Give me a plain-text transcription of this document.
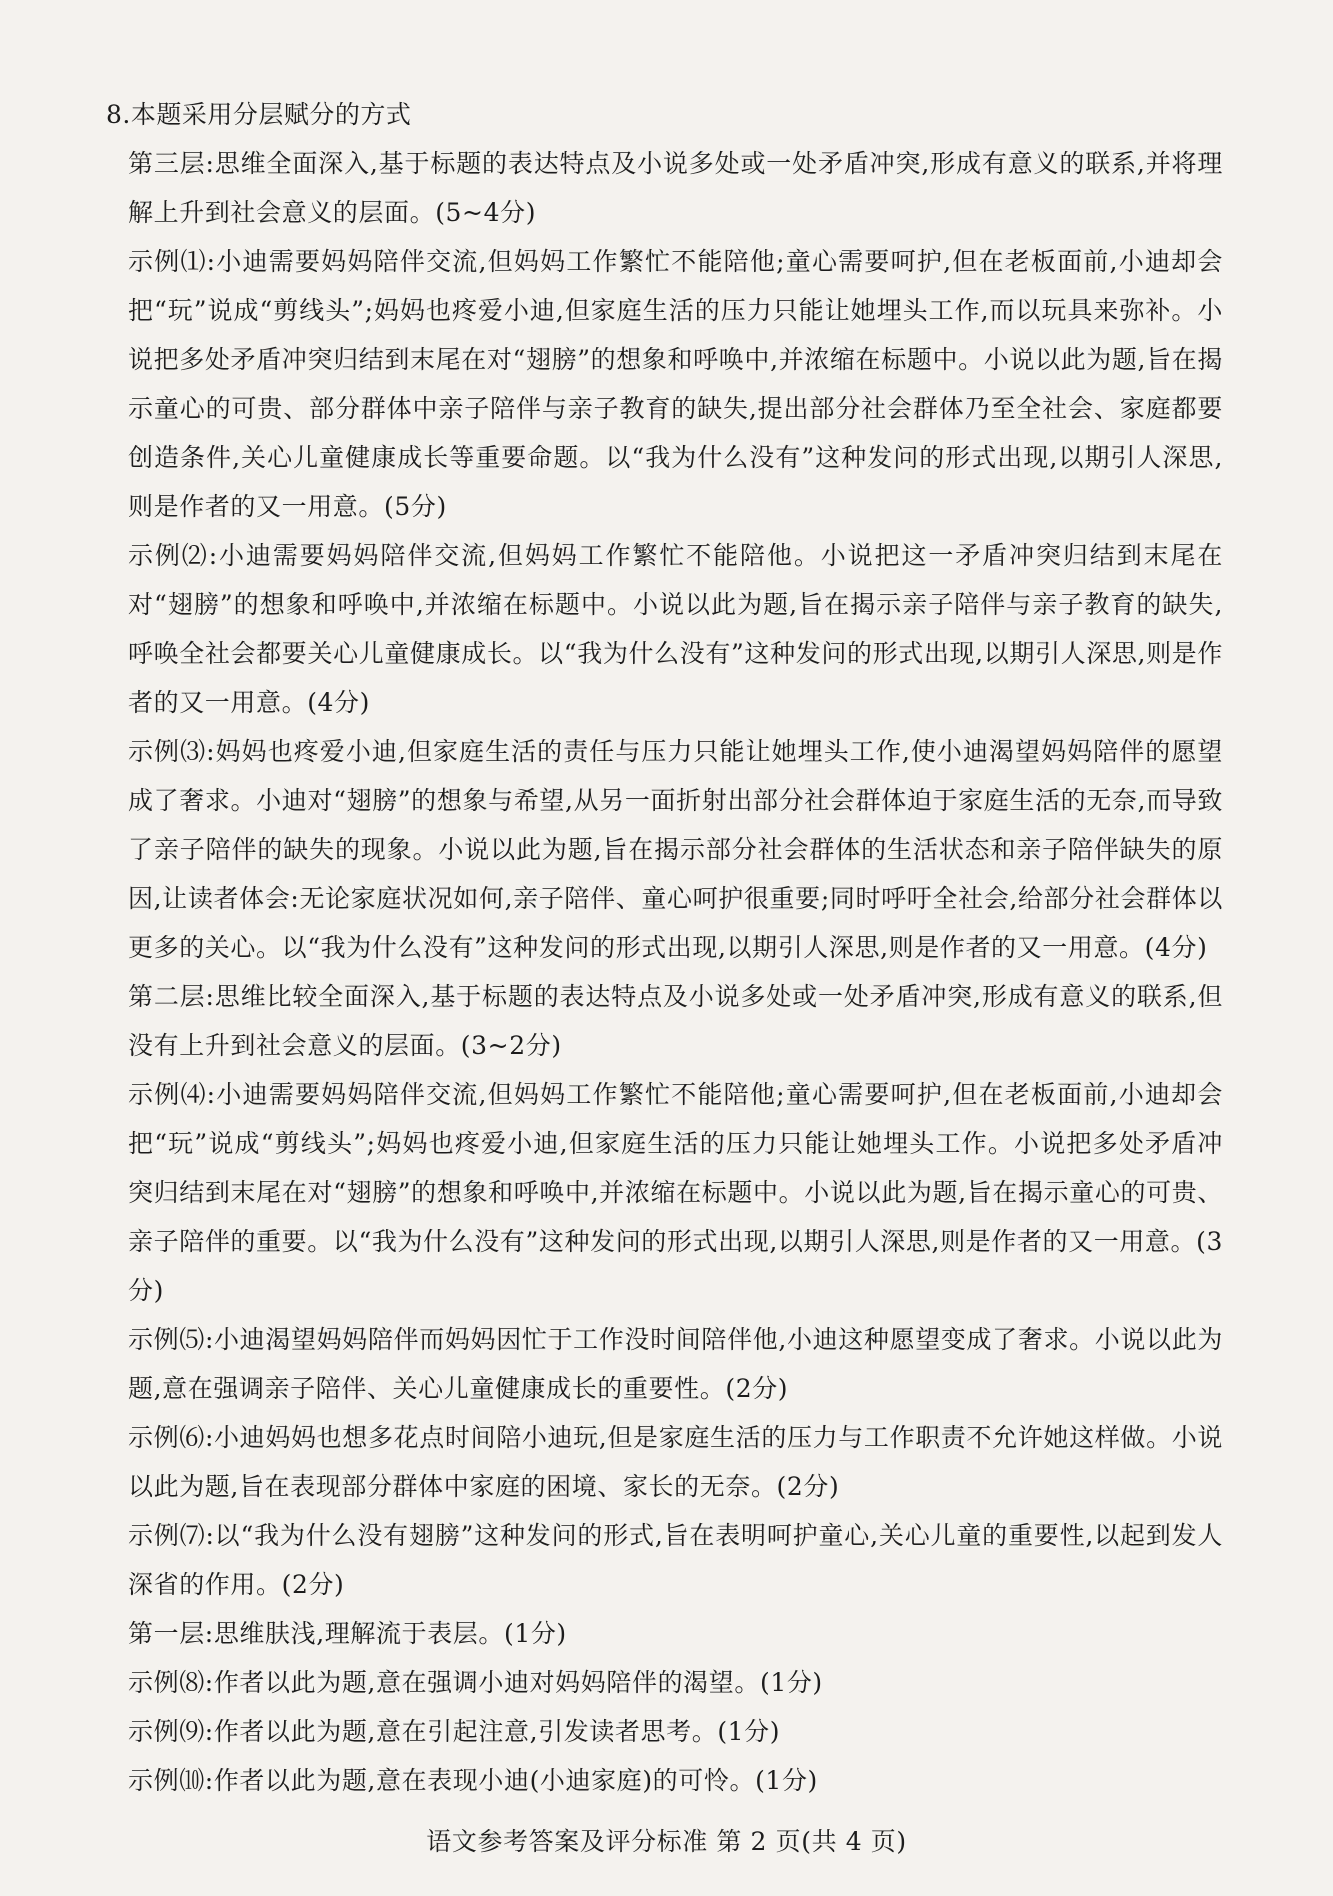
8.本题采用分层赋分的方式

第三层:思维全面深入,基于标题的表达特点及小说多处或一处矛盾冲突,形成有意义的联系,并将理解上升到社会意义的层面。(5~4分)

示例⑴:小迪需要妈妈陪伴交流,但妈妈工作繁忙不能陪他;童心需要呵护,但在老板面前,小迪却会把“玩”说成“剪线头”;妈妈也疼爱小迪,但家庭生活的压力只能让她埋头工作,而以玩具来弥补。小说把多处矛盾冲突归结到末尾在对“翅膀”的想象和呼唤中,并浓缩在标题中。小说以此为题,旨在揭示童心的可贵、部分群体中亲子陪伴与亲子教育的缺失,提出部分社会群体乃至全社会、家庭都要创造条件,关心儿童健康成长等重要命题。以“我为什么没有”这种发问的形式出现,以期引人深思,则是作者的又一用意。(5分)

示例⑵:小迪需要妈妈陪伴交流,但妈妈工作繁忙不能陪他。小说把这一矛盾冲突归结到末尾在对“翅膀”的想象和呼唤中,并浓缩在标题中。小说以此为题,旨在揭示亲子陪伴与亲子教育的缺失,呼唤全社会都要关心儿童健康成长。以“我为什么没有”这种发问的形式出现,以期引人深思,则是作者的又一用意。(4分)

示例⑶:妈妈也疼爱小迪,但家庭生活的责任与压力只能让她埋头工作,使小迪渴望妈妈陪伴的愿望成了奢求。小迪对“翅膀”的想象与希望,从另一面折射出部分社会群体迫于家庭生活的无奈,而导致了亲子陪伴的缺失的现象。小说以此为题,旨在揭示部分社会群体的生活状态和亲子陪伴缺失的原因,让读者体会:无论家庭状况如何,亲子陪伴、童心呵护很重要;同时呼吁全社会,给部分社会群体以更多的关心。以“我为什么没有”这种发问的形式出现,以期引人深思,则是作者的又一用意。(4分)

第二层:思维比较全面深入,基于标题的表达特点及小说多处或一处矛盾冲突,形成有意义的联系,但没有上升到社会意义的层面。(3~2分)

示例⑷:小迪需要妈妈陪伴交流,但妈妈工作繁忙不能陪他;童心需要呵护,但在老板面前,小迪却会把“玩”说成“剪线头”;妈妈也疼爱小迪,但家庭生活的压力只能让她埋头工作。小说把多处矛盾冲突归结到末尾在对“翅膀”的想象和呼唤中,并浓缩在标题中。小说以此为题,旨在揭示童心的可贵、亲子陪伴的重要。以“我为什么没有”这种发问的形式出现,以期引人深思,则是作者的又一用意。(3分)

示例⑸:小迪渴望妈妈陪伴而妈妈因忙于工作没时间陪伴他,小迪这种愿望变成了奢求。小说以此为题,意在强调亲子陪伴、关心儿童健康成长的重要性。(2分)

示例⑹:小迪妈妈也想多花点时间陪小迪玩,但是家庭生活的压力与工作职责不允许她这样做。小说以此为题,旨在表现部分群体中家庭的困境、家长的无奈。(2分)

示例⑺:以“我为什么没有翅膀”这种发问的形式,旨在表明呵护童心,关心儿童的重要性,以起到发人深省的作用。(2分)

第一层:思维肤浅,理解流于表层。(1分)

示例⑻:作者以此为题,意在强调小迪对妈妈陪伴的渴望。(1分)

示例⑼:作者以此为题,意在引起注意,引发读者思考。(1分)

示例⑽:作者以此为题,意在表现小迪(小迪家庭)的可怜。(1分)

语文参考答案及评分标准 第 2 页(共 4 页)
